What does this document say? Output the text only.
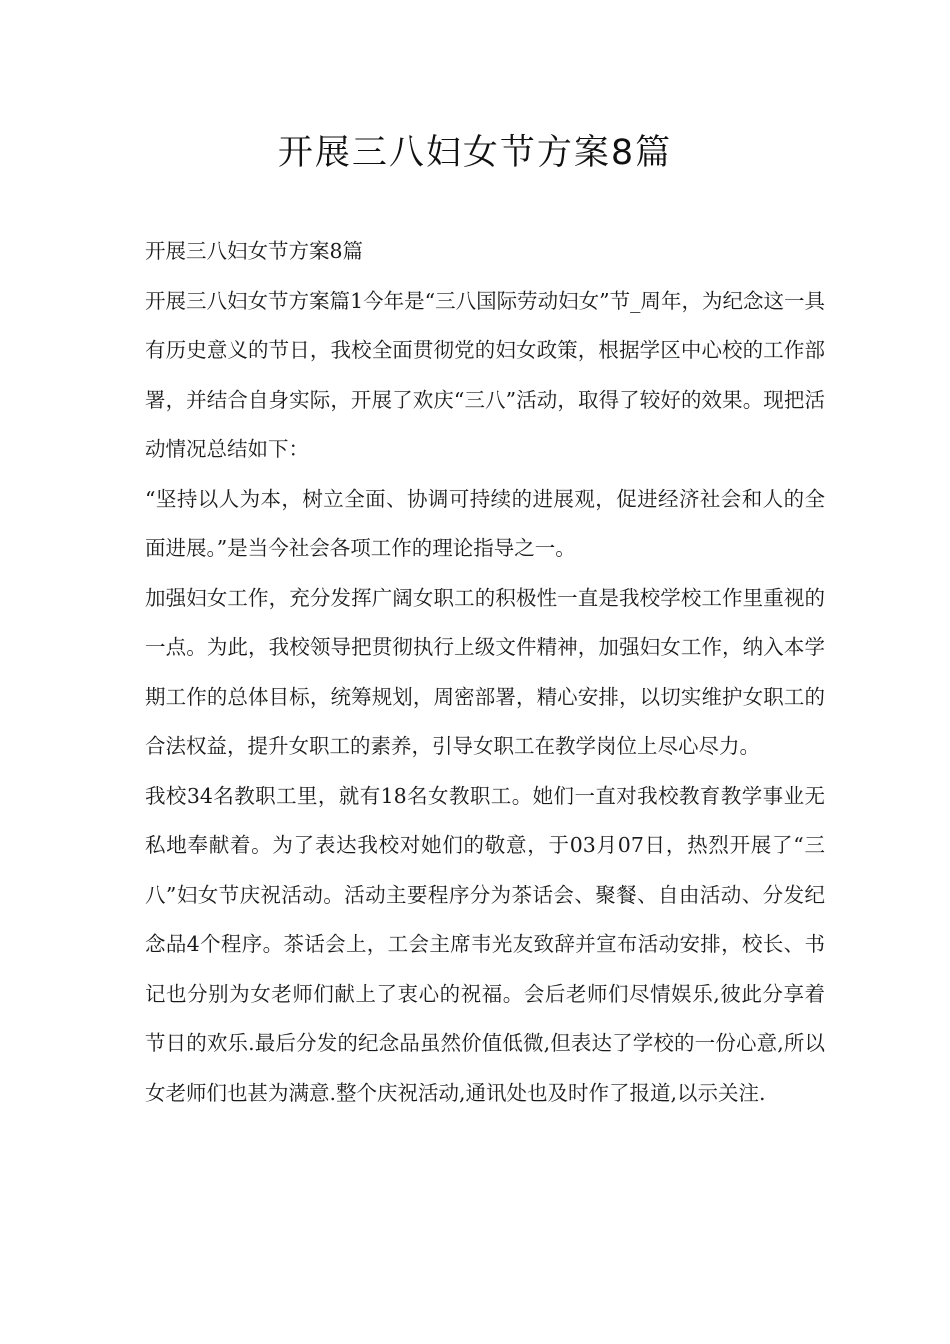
开展三八妇女节方案8篇

开展三八妇女节方案8篇

开展三八妇女节方案篇1今年是“三八国际劳动妇女”节_周年，为纪念这一具有历史意义的节日，我校全面贯彻党的妇女政策，根据学区中心校的工作部署，并结合自身实际，开展了欢庆“三八”活动，取得了较好的效果。现把活动情况总结如下：

“坚持以人为本，树立全面、协调可持续的进展观，促进经济社会和人的全面进展。”是当今社会各项工作的理论指导之一。

加强妇女工作，充分发挥广阔女职工的积极性一直是我校学校工作里重视的一点。为此，我校领导把贯彻执行上级文件精神，加强妇女工作，纳入本学期工作的总体目标，统筹规划，周密部署，精心安排，以切实维护女职工的合法权益，提升女职工的素养，引导女职工在教学岗位上尽心尽力。

我校34名教职工里，就有18名女教职工。她们一直对我校教育教学事业无私地奉献着。为了表达我校对她们的敬意，于03月07日，热烈开展了“三八”妇女节庆祝活动。活动主要程序分为茶话会、聚餐、自由活动、分发纪念品4个程序。茶话会上，工会主席韦光友致辞并宣布活动安排，校长、书记也分别为女老师们献上了衷心的祝福。会后老师们尽情娱乐,彼此分享着节日的欢乐.最后分发的纪念品虽然价值低微,但表达了学校的一份心意,所以女老师们也甚为满意.整个庆祝活动,通讯处也及时作了报道,以示关注.
